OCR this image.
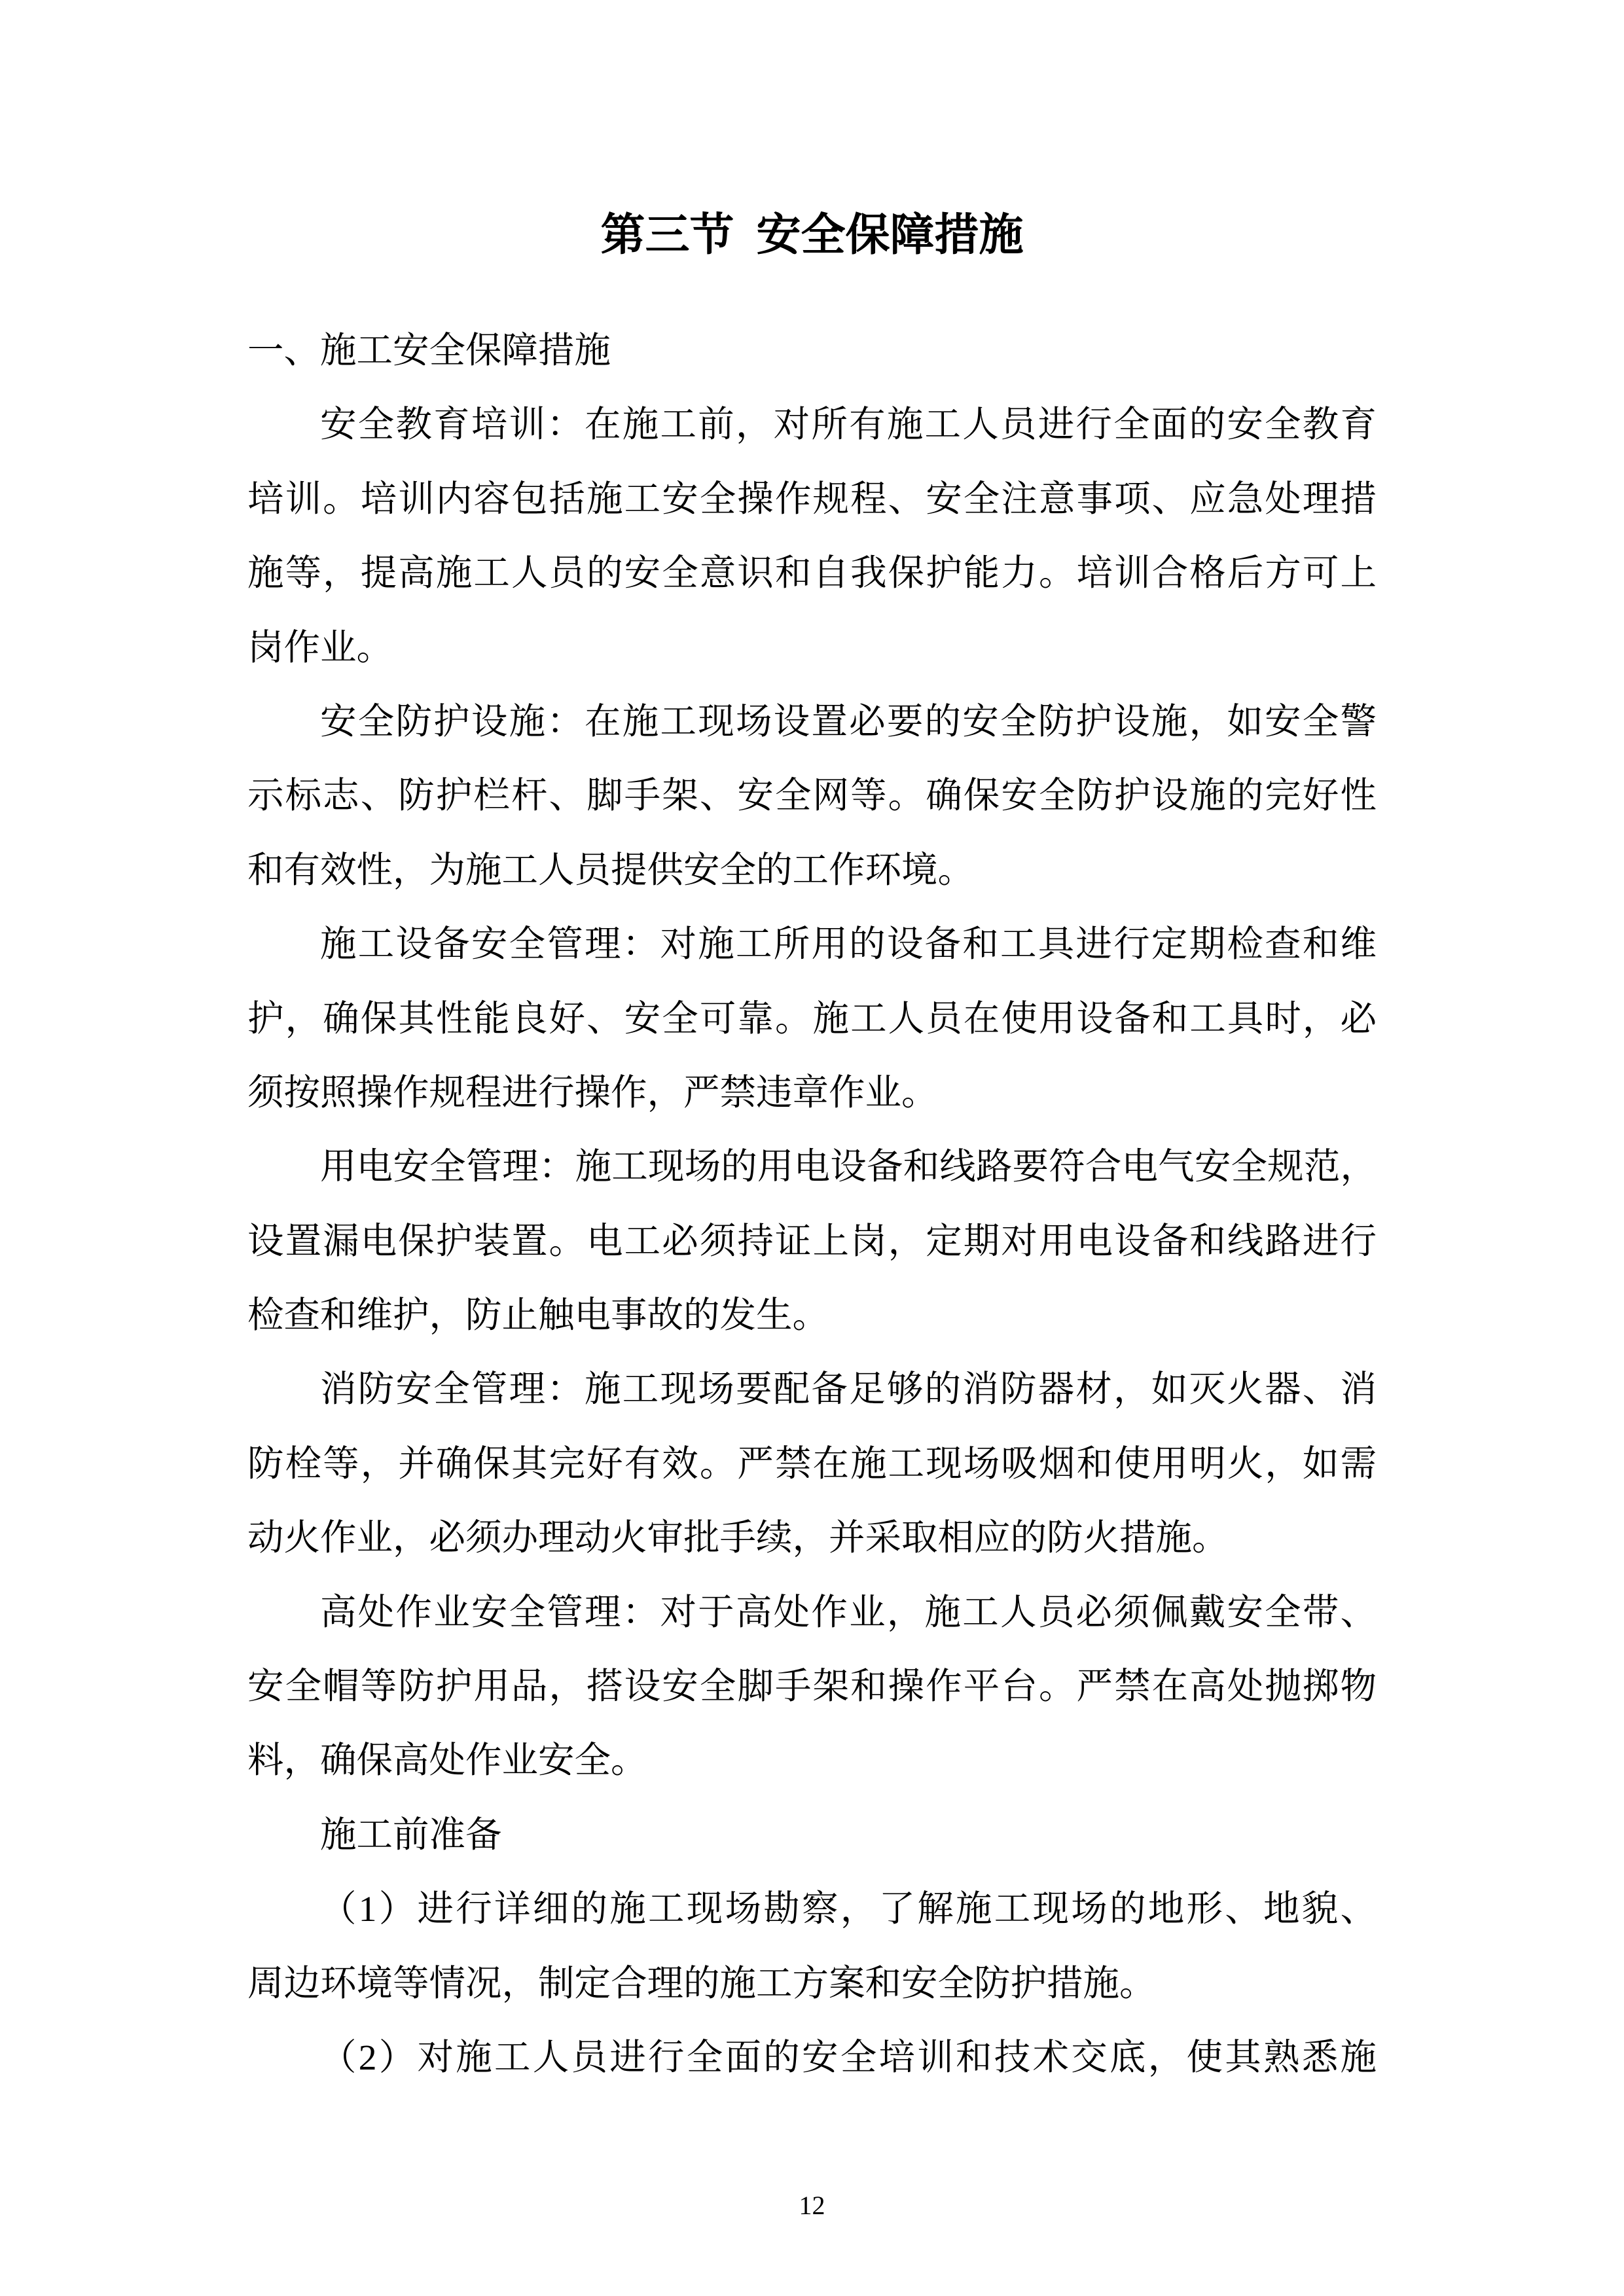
第三节  安全保障措施
一、施工安全保障措施
安全教育培训：在施工前，对所有施工人员进行全面的安全教育
培训。培训内容包括施工安全操作规程、安全注意事项、应急处理措
施等，提高施工人员的安全意识和自我保护能力。培训合格后方可上
岗作业。
安全防护设施：在施工现场设置必要的安全防护设施，如安全警
示标志、防护栏杆、脚手架、安全网等。确保安全防护设施的完好性
和有效性，为施工人员提供安全的工作环境。
施工设备安全管理：对施工所用的设备和工具进行定期检查和维
护，确保其性能良好、安全可靠。施工人员在使用设备和工具时，必
须按照操作规程进行操作，严禁违章作业。
用电安全管理：施工现场的用电设备和线路要符合电气安全规范，
设置漏电保护装置。电工必须持证上岗，定期对用电设备和线路进行
检查和维护，防止触电事故的发生。
消防安全管理：施工现场要配备足够的消防器材，如灭火器、消
防栓等，并确保其完好有效。严禁在施工现场吸烟和使用明火，如需
动火作业，必须办理动火审批手续，并采取相应的防火措施。
高处作业安全管理：对于高处作业，施工人员必须佩戴安全带、
安全帽等防护用品，搭设安全脚手架和操作平台。严禁在高处抛掷物
料，确保高处作业安全。
施工前准备
（1）进行详细的施工现场勘察，了解施工现场的地形、地貌、
周边环境等情况，制定合理的施工方案和安全防护措施。
（2）对施工人员进行全面的安全培训和技术交底，使其熟悉施
12
